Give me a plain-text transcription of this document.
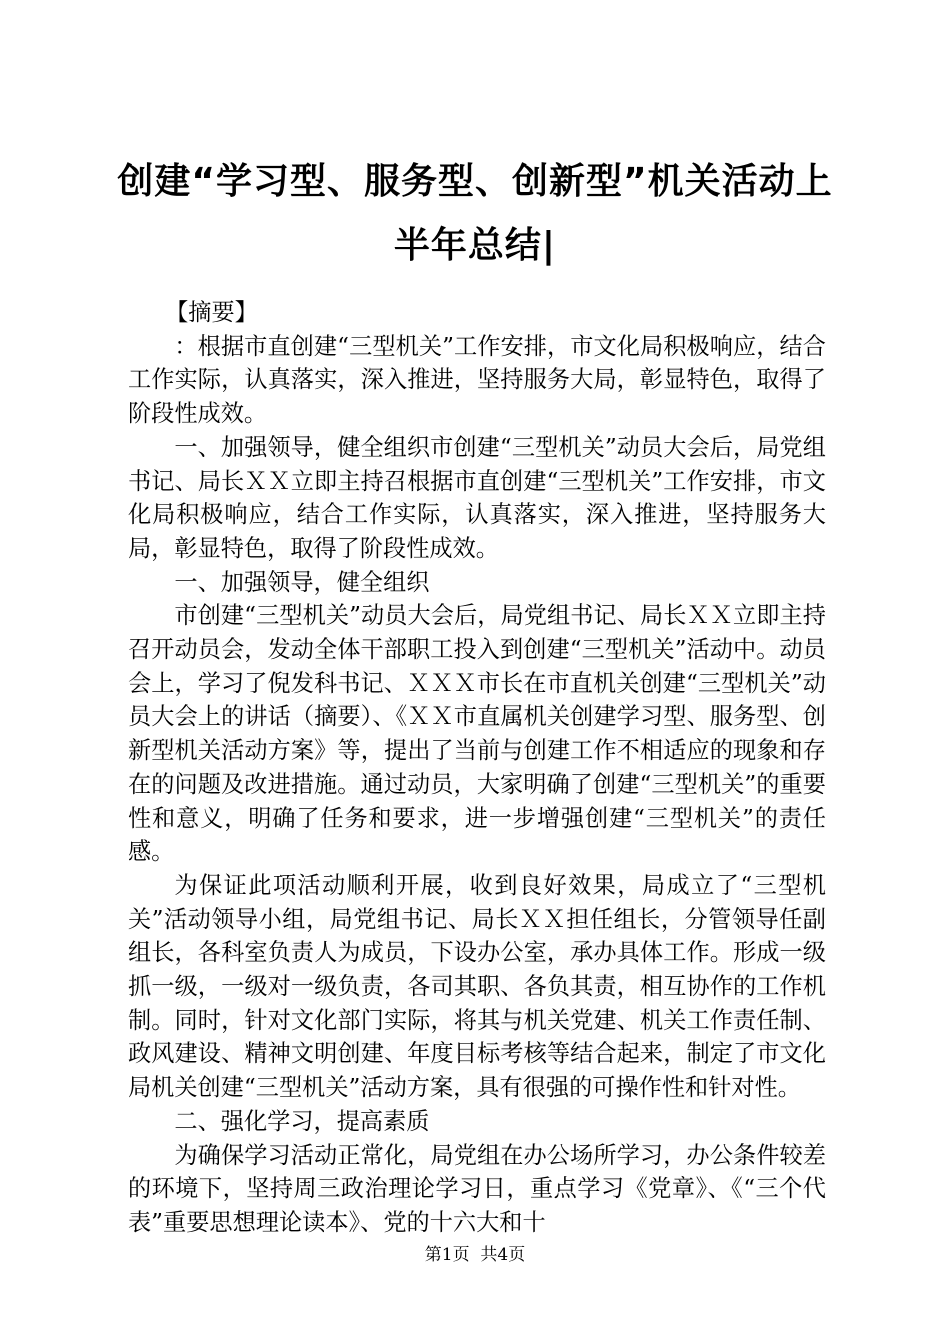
创建“学习型、服务型、创新型”机关活动上
半年总结|

【摘要】

：根据市直创建“三型机关”工作安排，市文化局积极响应，结合工作实际，认真落实，深入推进，坚持服务大局，彰显特色，取得了阶段性成效。

一、加强领导，健全组织市创建“三型机关”动员大会后，局党组书记、局长ＸＸ立即主持召根据市直创建“三型机关”工作安排，市文化局积极响应，结合工作实际，认真落实，深入推进，坚持服务大局，彰显特色，取得了阶段性成效。

一、加强领导，健全组织

市创建“三型机关”动员大会后，局党组书记、局长ＸＸ立即主持召开动员会，发动全体干部职工投入到创建“三型机关”活动中。动员会上，学习了倪发科书记、ＸＸＸ市长在市直机关创建“三型机关”动员大会上的讲话（摘要）、《ＸＸ市直属机关创建学习型、服务型、创新型机关活动方案》等，提出了当前与创建工作不相适应的现象和存在的问题及改进措施。通过动员，大家明确了创建“三型机关”的重要性和意义，明确了任务和要求，进一步增强创建“三型机关”的责任感。

为保证此项活动顺利开展，收到良好效果，局成立了“三型机关”活动领导小组，局党组书记、局长ＸＸ担任组长，分管领导任副组长，各科室负责人为成员，下设办公室，承办具体工作。形成一级抓一级，一级对一级负责，各司其职、各负其责，相互协作的工作机制。同时，针对文化部门实际，将其与机关党建、机关工作责任制、政风建设、精神文明创建、年度目标考核等结合起来，制定了市文化局机关创建“三型机关”活动方案，具有很强的可操作性和针对性。

二、强化学习，提高素质

为确保学习活动正常化，局党组在办公场所学习，办公条件较差的环境下，坚持周三政治理论学习日，重点学习《党章》、《“三个代表”重要思想理论读本》、党的十六大和十

第1页  共4页
